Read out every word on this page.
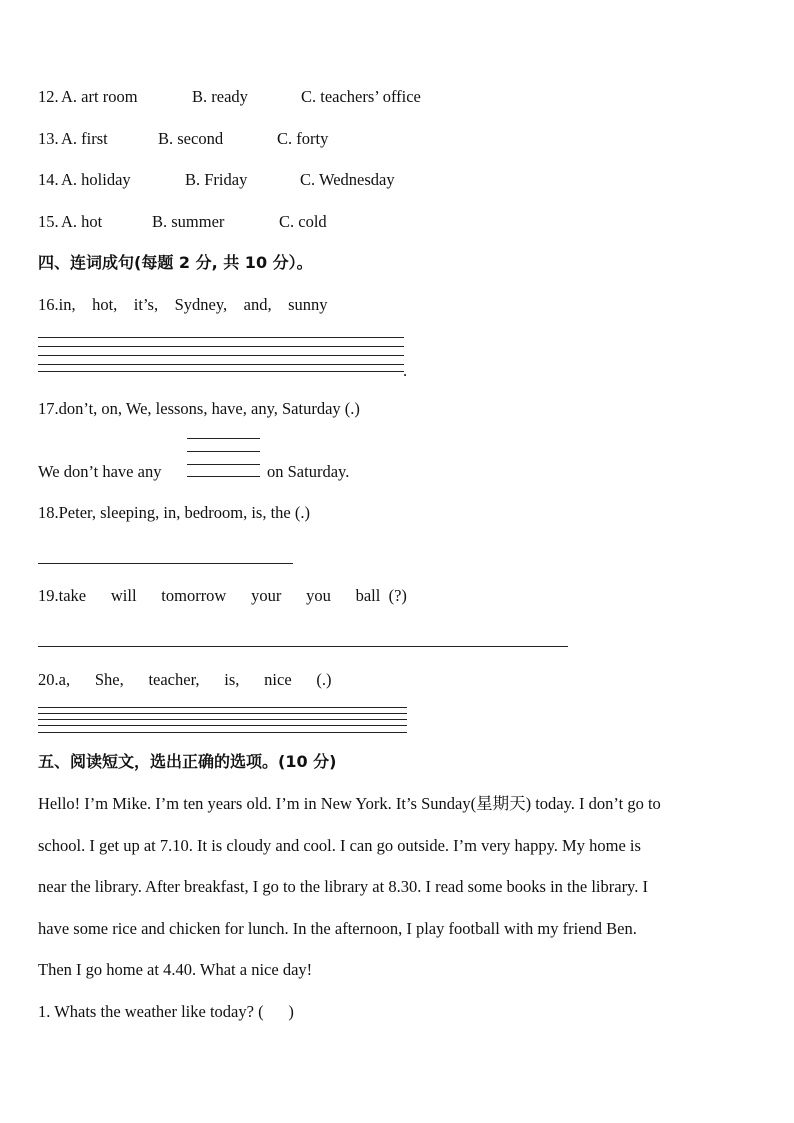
12. A. art room	B. ready	C. teachers’ office
13. A. first	B. second	C. forty
14. A. holiday	B. Friday	C. Wednesday
15. A. hot	B. summer	C. cold
四、连词成句(每题 2 分, 共 10 分）。
16.in,    hot,    it’s,    Sydney,    and,    sunny
.
17.don’t, on, We, lessons, have, any, Saturday (.)
We don’t have any	on Saturday.
18.Peter, sleeping, in, bedroom, is, the (.)
19.take      will      tomorrow      your      you      ball  (?)
20.a,      She,      teacher,      is,      nice      (.)
五、阅读短文，选出正确的选项。(10 分)
Hello! I’m Mike. I’m ten years old. I’m in New York. It’s Sunday(星期天) today. I don’t go to
school. I get up at 7.10. It is cloudy and cool. I can go outside. I’m very happy. My home is
near the library. After breakfast, I go to the library at 8.30. I read some books in the library. I
have some rice and chicken for lunch. In the afternoon, I play football with my friend Ben.
Then I go home at 4.40. What a nice day!
1. Whats the weather like today? (      )
